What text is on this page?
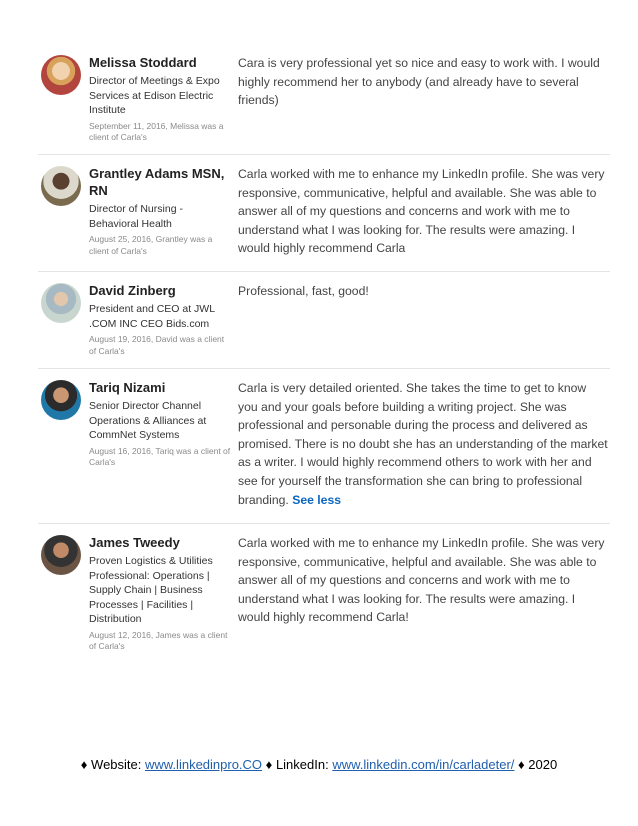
Melissa Stoddard
Director of Meetings & Expo Services at Edison Electric Institute
September 11, 2016, Melissa was a client of Carla's
Cara is very professional yet so nice and easy to work with. I would highly recommend her to anybody (and already have to several friends)
Grantley Adams MSN, RN
Director of Nursing - Behavioral Health
August 25, 2016, Grantley was a client of Carla's
Carla worked with me to enhance my LinkedIn profile. She was very responsive, communicative, helpful and available. She was able to answer all of my questions and concerns and work with me to understand what I was looking for. The results were amazing. I would highly recommend Carla
David Zinberg
President and CEO at JWL .COM INC CEO Bids.com
August 19, 2016, David was a client of Carla's
Professional, fast, good!
Tariq Nizami
Senior Director Channel Operations & Alliances at CommNet Systems
August 16, 2016, Tariq was a client of Carla's
Carla is very detailed oriented. She takes the time to get to know you and your goals before building a writing project. She was professional and personable during the process and delivered as promised. There is no doubt she has an understanding of the market as a writer. I would highly recommend others to work with her and see for yourself the transformation she can bring to professional branding. See less
James Tweedy
Proven Logistics & Utilities Professional: Operations | Supply Chain | Business Processes | Facilities | Distribution
August 12, 2016, James was a client of Carla's
Carla worked with me to enhance my LinkedIn profile. She was very responsive, communicative, helpful and available. She was able to answer all of my questions and concerns and work with me to understand what I was looking for. The results were amazing. I would highly recommend Carla!
♦ Website: www.linkedinpro.CO ♦ LinkedIn: www.linkedin.com/in/carladeter/ ♦ 2020
